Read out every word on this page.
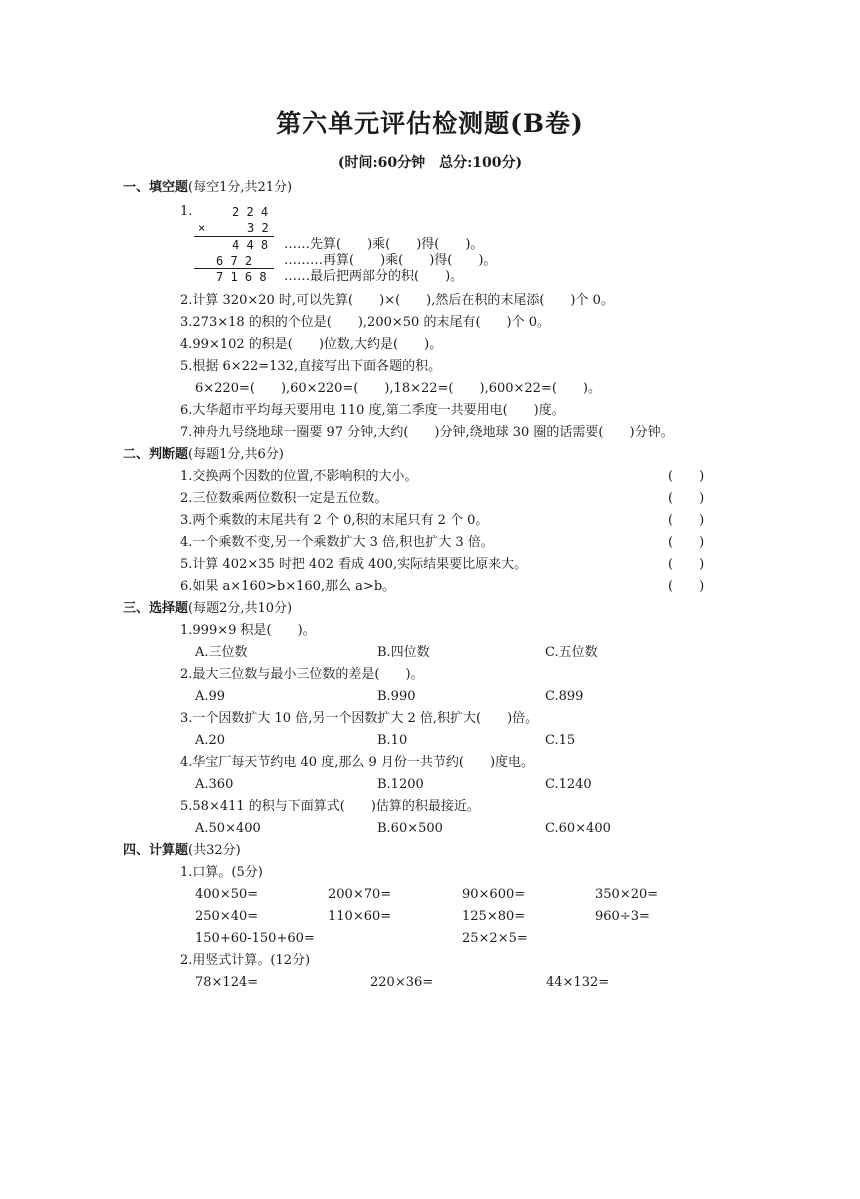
第六单元评估检测题(B卷)
(时间:60分钟　总分:100分)
一、填空题(每空1分,共21分)
1.	2 2 4
×	3 2
4 4 8
6 7 2
7 1 6 8
……先算(　　)乘(　　)得(　　)。
………再算(　　)乘(　　)得(　　)。
……最后把两部分的积(　　)。
2.计算 320×20 时,可以先算(　　)×(　　),然后在积的末尾添(　　)个 0。
3.273×18 的积的个位是(　　),200×50 的末尾有(　　)个 0。
4.99×102 的积是(　　)位数,大约是(　　)。
5.根据 6×22=132,直接写出下面各题的积。
6×220=(　　),60×220=(　　),18×22=(　　),600×22=(　　)。
6.大华超市平均每天要用电 110 度,第二季度一共要用电(　　)度。
7.神舟九号绕地球一圈要 97 分钟,大约(　　)分钟,绕地球 30 圈的话需要(　　)分钟。
二、判断题(每题1分,共6分)
1.交换两个因数的位置,不影响积的大小。	(　　)
2.三位数乘两位数积一定是五位数。	(　　)
3.两个乘数的末尾共有 2 个 0,积的末尾只有 2 个 0。	(　　)
4.一个乘数不变,另一个乘数扩大 3 倍,积也扩大 3 倍。	(　　)
5.计算 402×35 时把 402 看成 400,实际结果要比原来大。	(　　)
6.如果 a×160>b×160,那么 a>b。	(　　)
三、选择题(每题2分,共10分)
1.999×9 积是(　　)。
A.三位数	B.四位数	C.五位数
2.最大三位数与最小三位数的差是(　　)。
A.99	B.990	C.899
3.一个因数扩大 10 倍,另一个因数扩大 2 倍,积扩大(　　)倍。
A.20	B.10	C.15
4.华宝厂每天节约电 40 度,那么 9 月份一共节约(　　)度电。
A.360	B.1200	C.1240
5.58×411 的积与下面算式(　　)估算的积最接近。
A.50×400	B.60×500	C.60×400
四、计算题(共32分)
1.口算。(5分)
400×50=	200×70=	90×600=	350×20=
250×40=	110×60=	125×80=	960÷3=
150+60-150+60=	25×2×5=
2.用竖式计算。(12分)
78×124=	220×36=	44×132=
